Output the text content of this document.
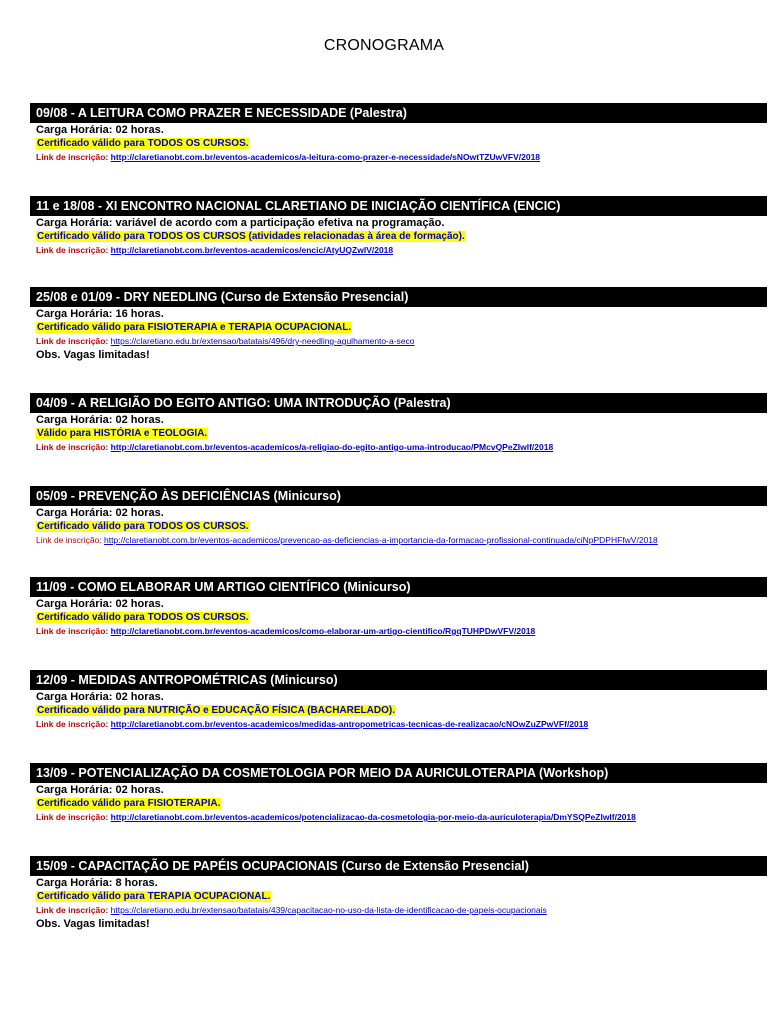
CRONOGRAMA
09/08 - A LEITURA COMO PRAZER E NECESSIDADE (Palestra)
Carga Horária: 02 horas.
Certificado válido para TODOS OS CURSOS.
Link de inscrição: http://claretianobt.com.br/eventos-academicos/a-leitura-como-prazer-e-necessidade/sNOwtTZUwVFV/2018
11 e 18/08 - XI ENCONTRO NACIONAL CLARETIANO DE INICIAÇÃO CIENTÍFICA (ENCIC)
Carga Horária: variável de acordo com a participação efetiva na programação.
Certificado válido para TODOS OS CURSOS (atividades relacionadas à área de formação).
Link de inscrição: http://claretianobt.com.br/eventos-academicos/encic/AtyUQZwIV/2018
25/08 e 01/09 - DRY NEEDLING (Curso de Extensão Presencial)
Carga Horária: 16 horas.
Certificado válido para FISIOTERAPIA e TERAPIA OCUPACIONAL.
Link de inscrição: https://claretiano.edu.br/extensao/batatais/496/dry-needling-agulhamento-a-seco
Obs. Vagas limitadas!
04/09 - A RELIGIÃO DO EGITO ANTIGO: UMA INTRODUÇÃO (Palestra)
Carga Horária: 02 horas.
Válido para HISTÓRIA e TEOLOGIA.
Link de inscrição: http://claretianobt.com.br/eventos-academicos/a-religiao-do-egito-antigo-uma-introducao/PMcvQPeZIwlf/2018
05/09 - PREVENÇÃO ÀS DEFICIÊNCIAS (Minicurso)
Carga Horária: 02 horas.
Certificado válido para TODOS OS CURSOS.
Link de inscrição: http://claretianobt.com.br/eventos-academicos/prevencao-as-deficiencias-a-importancia-da-formacao-profissional-continuada/ciNpPDPHFfwV/2018
11/09 - COMO ELABORAR UM ARTIGO CIENTÍFICO (Minicurso)
Carga Horária: 02 horas.
Certificado válido para TODOS OS CURSOS.
Link de inscrição: http://claretianobt.com.br/eventos-academicos/como-elaborar-um-artigo-cientifico/RgqTUHPDwVFV/2018
12/09 - MEDIDAS ANTROPOMÉTRICAS (Minicurso)
Carga Horária: 02 horas.
Certificado válido para NUTRIÇÃO e EDUCAÇÃO FÍSICA (BACHARELADO).
Link de inscrição: http://claretianobt.com.br/eventos-academicos/medidas-antropometricas-tecnicas-de-realizacao/cNOwZuZPwVFf/2018
13/09 - POTENCIALIZAÇÃO DA COSMETOLOGIA POR MEIO DA AURICULOTERAPIA (Workshop)
Carga Horária: 02 horas.
Certificado válido para FISIOTERAPIA.
Link de inscrição: http://claretianobt.com.br/eventos-academicos/potencializacao-da-cosmetologia-por-meio-da-auriculoterapia/DmYSQPeZIwlf/2018
15/09 - CAPACITAÇÃO DE PAPÉIS OCUPACIONAIS (Curso de Extensão Presencial)
Carga Horária: 8 horas.
Certificado válido para TERAPIA OCUPACIONAL.
Link de inscrição: https://claretiano.edu.br/extensao/batatais/439/capacitacao-no-uso-da-lista-de-identificacao-de-papeis-ocupacionais
Obs. Vagas limitadas!
